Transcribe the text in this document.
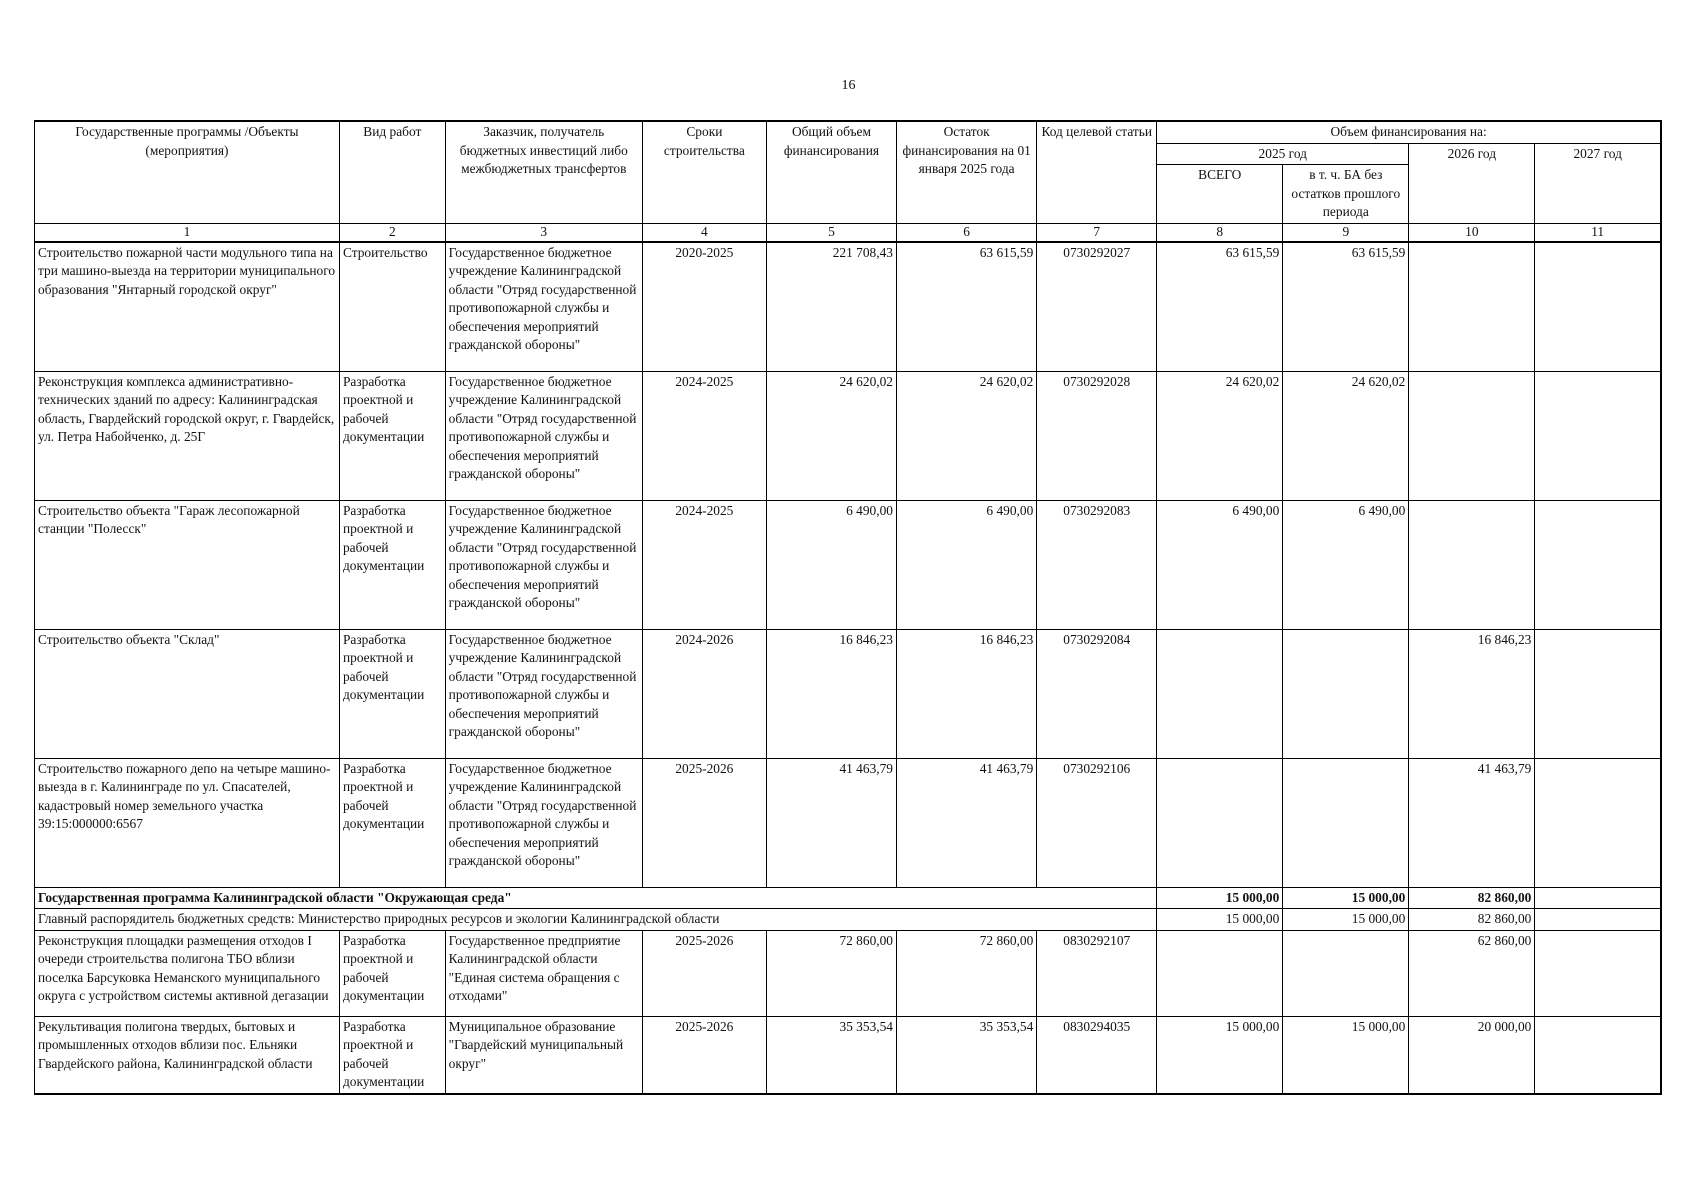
16
Государственные программы /Объекты (мероприятия)	Вид работ	Заказчик, получатель бюджетных инвестиций либо межбюджетных трансфертов	Сроки строительства	Общий объем финансирования	Остаток финансирования на 01 января 2025 года	Код целевой статьи	Объем финансирования на:			
							2025 год		2026 год	2027 год
							ВСЕГО	в т. ч. БА без остатков прошлого периода		
1	2	3	4	5	6	7	8	9	10	11
Строительство пожарной части модульного типа на три машино-выезда на территории муниципального образования "Янтарный городской округ"	Строительство	Государственное бюджетное учреждение Калининградской области "Отряд государственной противопожарной службы и обеспечения мероприятий гражданской обороны"	2020-2025	221 708,43	63 615,59	0730292027	63 615,59	63 615,59		
Реконструкция комплекса административно-технических зданий по адресу: Калининградская область, Гвардейский городской округ, г. Гвардейск, ул. Петра Набойченко, д. 25Г	Разработка проектной и рабочей документации	Государственное бюджетное учреждение Калининградской области "Отряд государственной противопожарной службы и обеспечения мероприятий гражданской обороны"	2024-2025	24 620,02	24 620,02	0730292028	24 620,02	24 620,02		
Строительство объекта "Гараж лесопожарной станции "Полесск"	Разработка проектной и рабочей документации	Государственное бюджетное учреждение Калининградской области "Отряд государственной противопожарной службы и обеспечения мероприятий гражданской обороны"	2024-2025	6 490,00	6 490,00	0730292083	6 490,00	6 490,00		
Строительство объекта "Склад"	Разработка проектной и рабочей документации	Государственное бюджетное учреждение Калининградской области "Отряд государственной противопожарной службы и обеспечения мероприятий гражданской обороны"	2024-2026	16 846,23	16 846,23	0730292084			16 846,23	
Строительство пожарного депо на четыре машино-выезда в г. Калининграде по ул. Спасателей, кадастровый номер земельного участка 39:15:000000:6567	Разработка проектной и рабочей документации	Государственное бюджетное учреждение Калининградской области "Отряд государственной противопожарной службы и обеспечения мероприятий гражданской обороны"	2025-2026	41 463,79	41 463,79	0730292106			41 463,79	
Государственная программа Калининградской области "Окружающая среда"							15 000,00	15 000,00	82 860,00	
Главный распорядитель бюджетных средств: Министерство природных ресурсов и экологии Калининградской области							15 000,00	15 000,00	82 860,00	
Реконструкция площадки размещения отходов I очереди строительства полигона ТБО вблизи поселка Барсуковка Неманского муниципального округа с устройством системы активной дегазации	Разработка проектной и рабочей документации	Государственное предприятие Калининградской области "Единая система обращения с отходами"	2025-2026	72 860,00	72 860,00	0830292107			62 860,00	
Рекультивация полигона твердых, бытовых и промышленных отходов вблизи пос. Ельняки Гвардейского района, Калининградской области	Разработка проектной и рабочей документации	Муниципальное образование "Гвардейский муниципальный округ"	2025-2026	35 353,54	35 353,54	0830294035	15 000,00	15 000,00	20 000,00	
